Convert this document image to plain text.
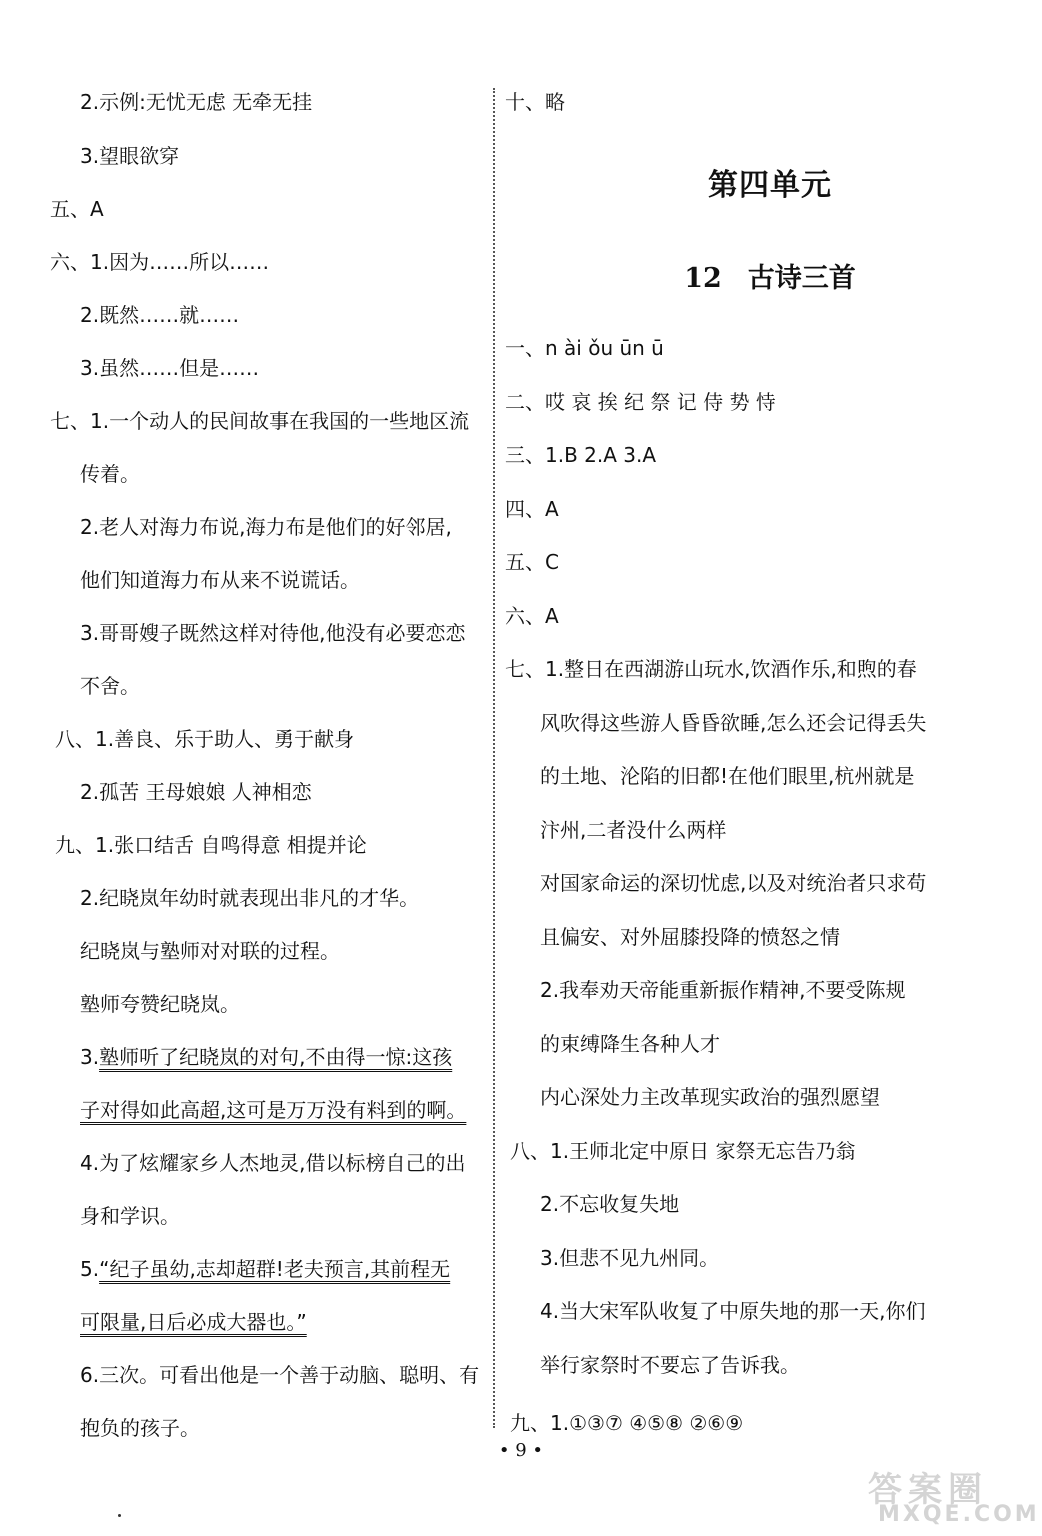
2.示例:无忧无虑 无牵无挂
3.望眼欲穿
五、A
六、1.因为……所以……
2.既然……就……
3.虽然……但是……
七、1.一个动人的民间故事在我国的一些地区流
传着。
2.老人对海力布说,海力布是他们的好邻居,
他们知道海力布从来不说谎话。
3.哥哥嫂子既然这样对待他,他没有必要恋恋
不舍。
八、1.善良、乐于助人、勇于献身
2.孤苦 王母娘娘 人神相恋
九、1.张口结舌 自鸣得意 相提并论
2.纪晓岚年幼时就表现出非凡的才华。
纪晓岚与塾师对对联的过程。
塾师夸赞纪晓岚。
3.塾师听了纪晓岚的对句,不由得一惊:这孩
子对得如此高超,这可是万万没有料到的啊。
4.为了炫耀家乡人杰地灵,借以标榜自己的出
身和学识。
5.“纪子虽幼,志却超群!老夫预言,其前程无
可限量,日后必成大器也。”
6.三次。可看出他是一个善于动脑、聪明、有
抱负的孩子。
十、略
第四单元
12 古诗三首
一、n ài ǒu ūn ū
二、哎 哀 挨 纪 祭 记 侍 势 恃
三、1.B 2.A 3.A
四、A
五、C
六、A
七、1.整日在西湖游山玩水,饮酒作乐,和煦的春
风吹得这些游人昏昏欲睡,怎么还会记得丢失
的土地、沦陷的旧都!在他们眼里,杭州就是
汴州,二者没什么两样
对国家命运的深切忧虑,以及对统治者只求苟
且偏安、对外屈膝投降的愤怒之情
2.我奉劝天帝能重新振作精神,不要受陈规
的束缚降生各种人才
内心深处力主改革现实政治的强烈愿望
八、1.王师北定中原日 家祭无忘告乃翁
2.不忘收复失地
3.但悲不见九州同。
4.当大宋军队收复了中原失地的那一天,你们
举行家祭时不要忘了告诉我。
九、1.①③⑦ ④⑤⑧ ②⑥⑨
• 9 •
答案圈
MXQE.COM
